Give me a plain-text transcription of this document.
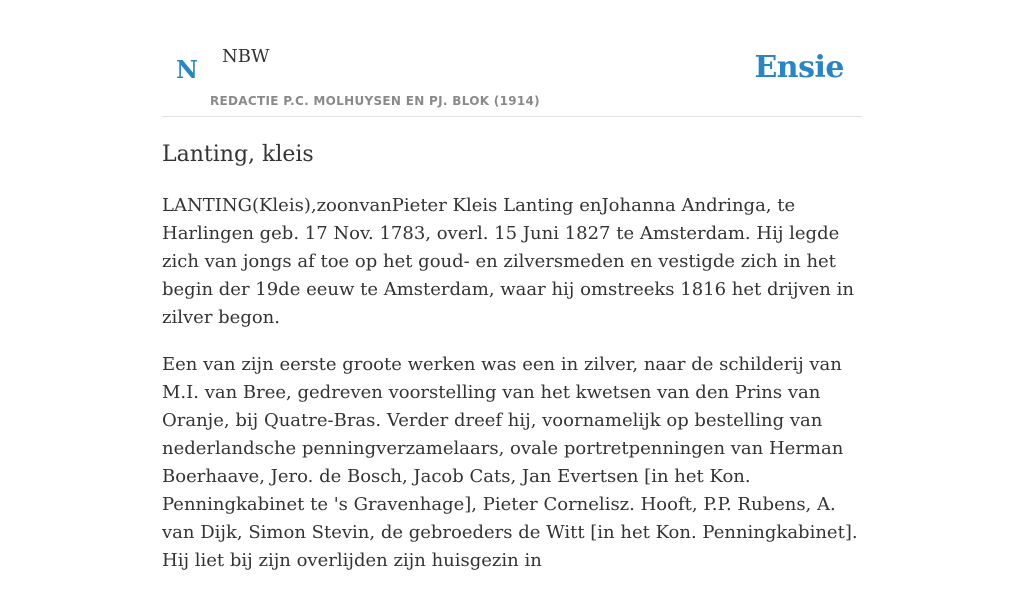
N NBW
REDACTIE P.C. MOLHUYSEN EN PJ. BLOK (1914)
Ensie
Lanting, kleis

LANTING(Kleis),zoonvanPieter Kleis Lanting enJohanna Andringa, te Harlingen geb. 17 Nov. 1783, overl. 15 Juni 1827 te Amsterdam. Hij legde zich van jongs af toe op het goud- en zilversmeden en vestigde zich in het begin der 19de eeuw te Amsterdam, waar hij omstreeks 1816 het drijven in zilver begon.

Een van zijn eerste groote werken was een in zilver, naar de schilderij van M.I. van Bree, gedreven voorstelling van het kwetsen van den Prins van Oranje, bij Quatre-Bras. Verder dreef hij, voornamelijk op bestelling van nederlandsche penningverzamelaars, ovale portretpenningen van Herman Boerhaave, Jero. de Bosch, Jacob Cats, Jan Evertsen [in het Kon. Penningkabinet te 's Gravenhage], Pieter Cornelisz. Hooft, P.P. Rubens, A. van Dijk, Simon Stevin, de gebroeders de Witt [in het Kon. Penningkabinet]. Hij liet bij zijn overlijden zijn huisgezin in
